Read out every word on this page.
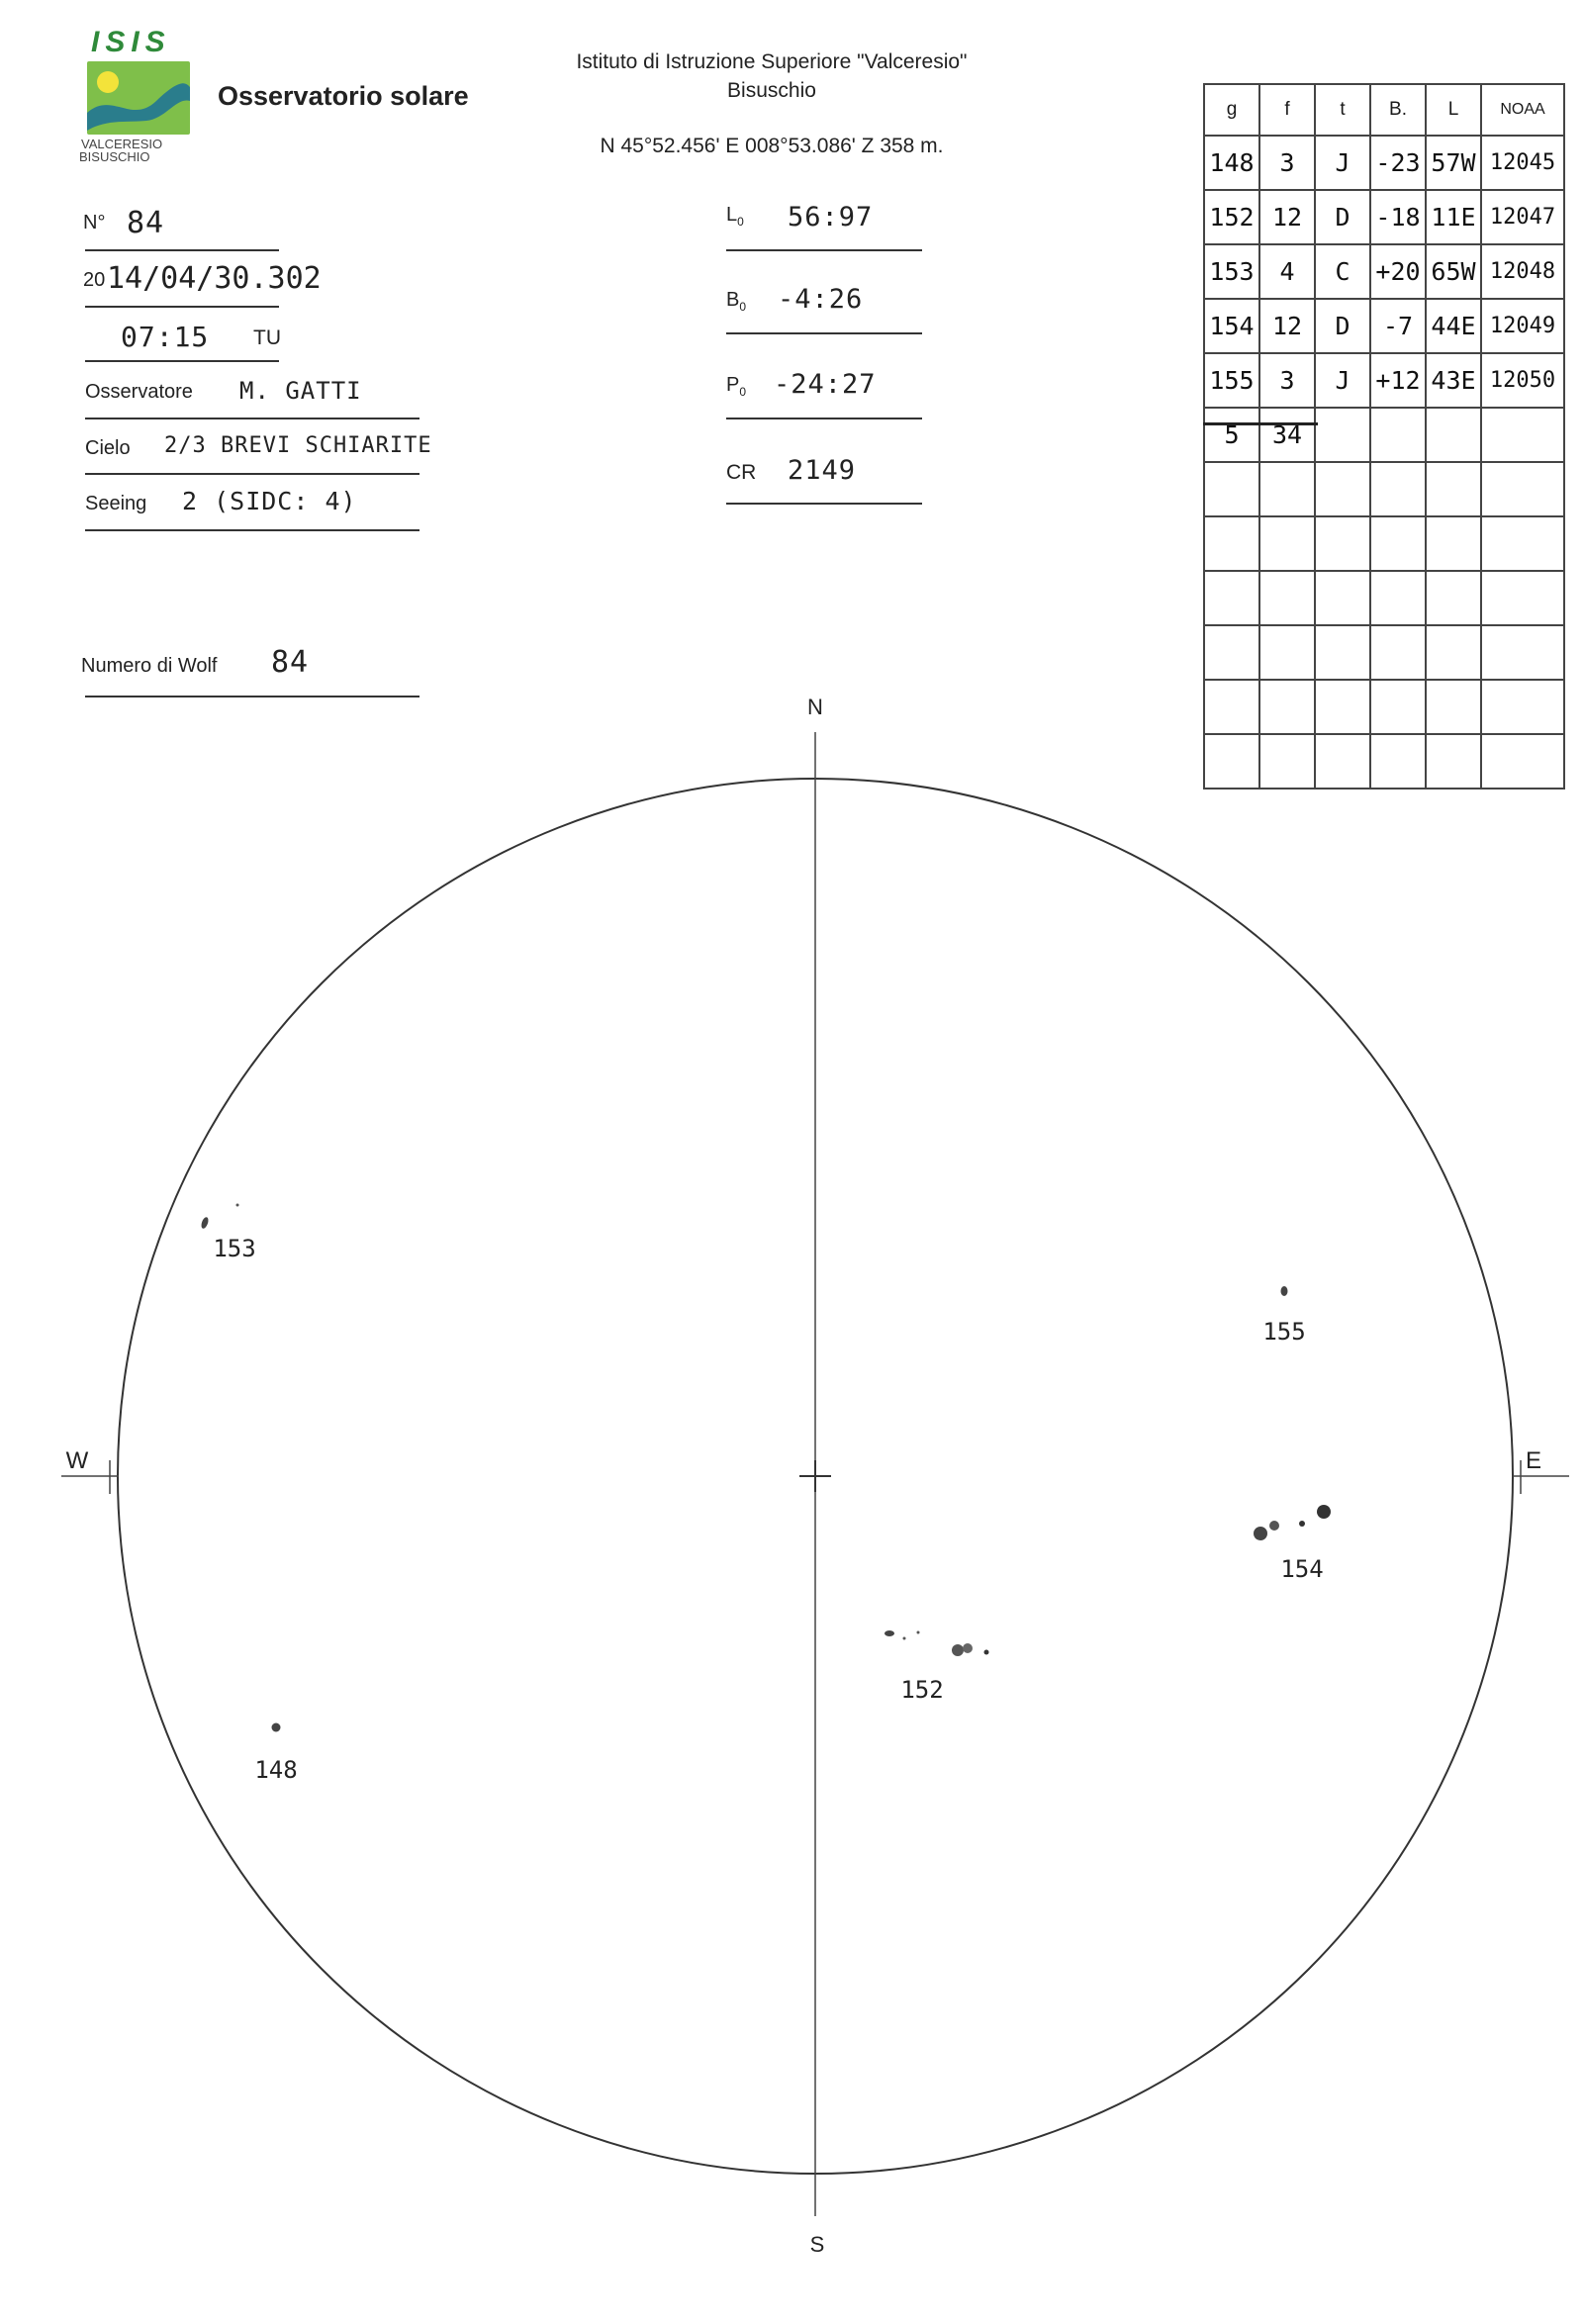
ISIS
VALCERESIO
BISUSCHIO
Osservatorio solare
Istituto di Istruzione Superiore "Valceresio"
Bisuschio
N 45°52.456' E 008°53.086' Z 358 m.
N° 84
20 14/04/30.302
07:15 TU
Osservatore M. GATTI
Cielo 2/3 BREVI SCHIARITE
Seeing 2 (SIDC: 4)
Numero di Wolf 84
$L_0$ 56:97
$B_0$ -4:26
$P_0$ -24:27
CR 2149
g	f	t	B.	L	NOAA
148	3	J	-23	57W	12045
152	12	D	-18	11E	12047
153	4	C	+20	65W	12048
154	12	D	-7	44E	12049
155	3	J	+12	43E	12050
5	34				

N
S
W	E
153
155
154
152
148
